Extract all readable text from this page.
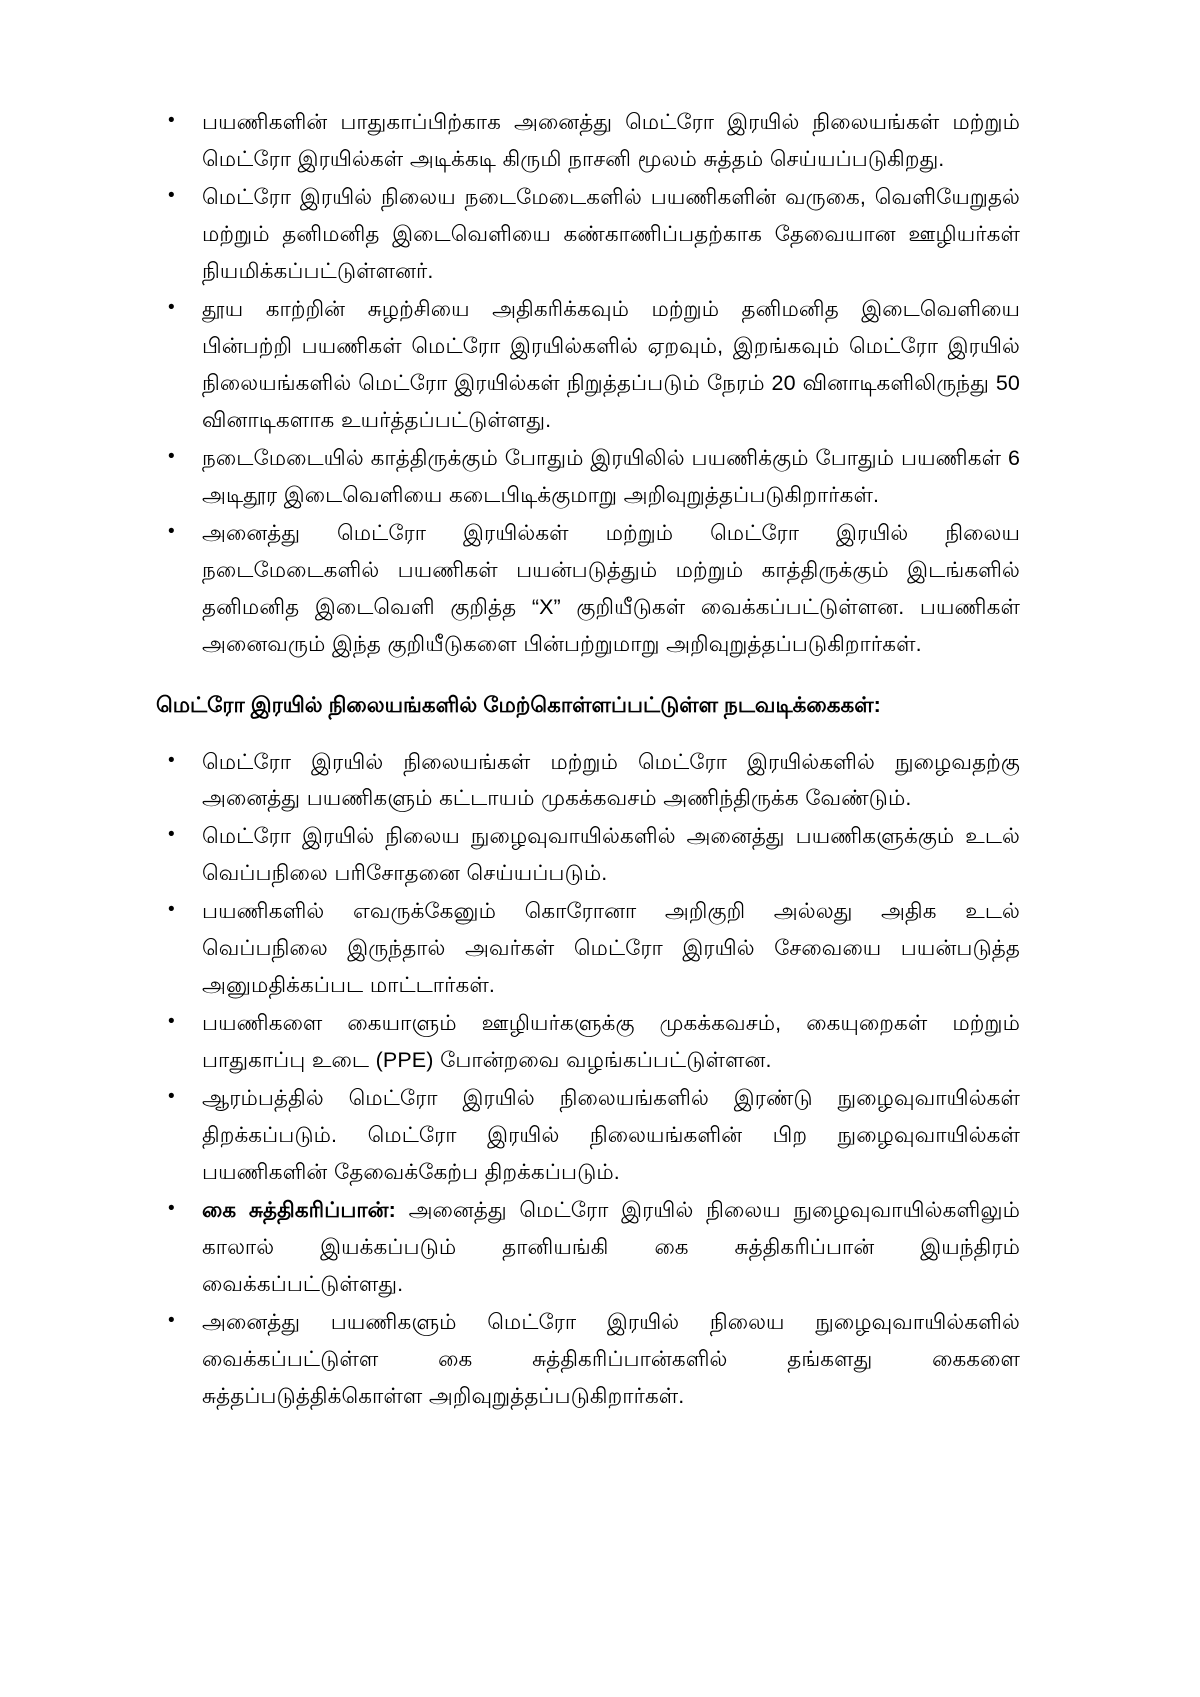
• பயணிகளின் பாதுகாப்பிற்காக அனைத்து மெட்ரோ இரயில் நிலையங்கள் மற்றும் மெட்ரோ இரயில்கள் அடிக்கடி கிருமி நாசனி மூலம் சுத்தம் செய்யப்படுகிறது.
• மெட்ரோ இரயில் நிலைய நடைமேடைகளில் பயணிகளின் வருகை, வெளியேறுதல் மற்றும் தனிமனித இடைவெளியை கண்காணிப்பதற்காக தேவையான ஊழியர்கள் நியமிக்கப்பட்டுள்ளனர்.
• தூய காற்றின் சுழற்சியை அதிகரிக்கவும் மற்றும் தனிமனித இடைவெளியை பின்பற்றி பயணிகள் மெட்ரோ இரயில்களில் ஏறவும், இறங்கவும் மெட்ரோ இரயில் நிலையங்களில் மெட்ரோ இரயில்கள் நிறுத்தப்படும் நேரம் 20 வினாடிகளிலிருந்து 50 வினாடிகளாக உயர்த்தப்பட்டுள்ளது.
• நடைமேடையில் காத்திருக்கும் போதும் இரயிலில் பயணிக்கும் போதும் பயணிகள் 6 அடிதூர இடைவெளியை கடைபிடிக்குமாறு அறிவுறுத்தப்படுகிறார்கள்.
• அனைத்து மெட்ரோ இரயில்கள் மற்றும் மெட்ரோ இரயில் நிலைய நடைமேடைகளில் பயணிகள் பயன்படுத்தும் மற்றும் காத்திருக்கும் இடங்களில் தனிமனித இடைவெளி குறித்த “X” குறியீடுகள் வைக்கப்பட்டுள்ளன. பயணிகள் அனைவரும் இந்த குறியீடுகளை பின்பற்றுமாறு அறிவுறுத்தப்படுகிறார்கள்.
மெட்ரோ இரயில் நிலையங்களில் மேற்கொள்ளப்பட்டுள்ள நடவடிக்கைகள்:
• மெட்ரோ இரயில் நிலையங்கள் மற்றும் மெட்ரோ இரயில்களில் நுழைவதற்கு அனைத்து பயணிகளும் கட்டாயம் முகக்கவசம் அணிந்திருக்க வேண்டும்.
• மெட்ரோ இரயில் நிலைய நுழைவுவாயில்களில் அனைத்து பயணிகளுக்கும் உடல் வெப்பநிலை பரிசோதனை செய்யப்படும்.
• பயணிகளில் எவருக்கேனும் கொரோனா அறிகுறி அல்லது அதிக உடல் வெப்பநிலை இருந்தால் அவர்கள் மெட்ரோ இரயில் சேவையை பயன்படுத்த அனுமதிக்கப்பட மாட்டார்கள்.
• பயணிகளை கையாளும் ஊழியர்களுக்கு முகக்கவசம், கையுறைகள் மற்றும் பாதுகாப்பு உடை (PPE) போன்றவை வழங்கப்பட்டுள்ளன.
• ஆரம்பத்தில் மெட்ரோ இரயில் நிலையங்களில் இரண்டு நுழைவுவாயில்கள் திறக்கப்படும். மெட்ரோ இரயில் நிலையங்களின் பிற நுழைவுவாயில்கள் பயணிகளின் தேவைக்கேற்ப திறக்கப்படும்.
• கை சுத்திகரிப்பான்: அனைத்து மெட்ரோ இரயில் நிலைய நுழைவுவாயில்களிலும் காலால் இயக்கப்படும் தானியங்கி கை சுத்திகரிப்பான் இயந்திரம் வைக்கப்பட்டுள்ளது.
• அனைத்து பயணிகளும் மெட்ரோ இரயில் நிலைய நுழைவுவாயில்களில் வைக்கப்பட்டுள்ள கை சுத்திகரிப்பான்களில் தங்களது கைகளை சுத்தப்படுத்திக்கொள்ள அறிவுறுத்தப்படுகிறார்கள்.
